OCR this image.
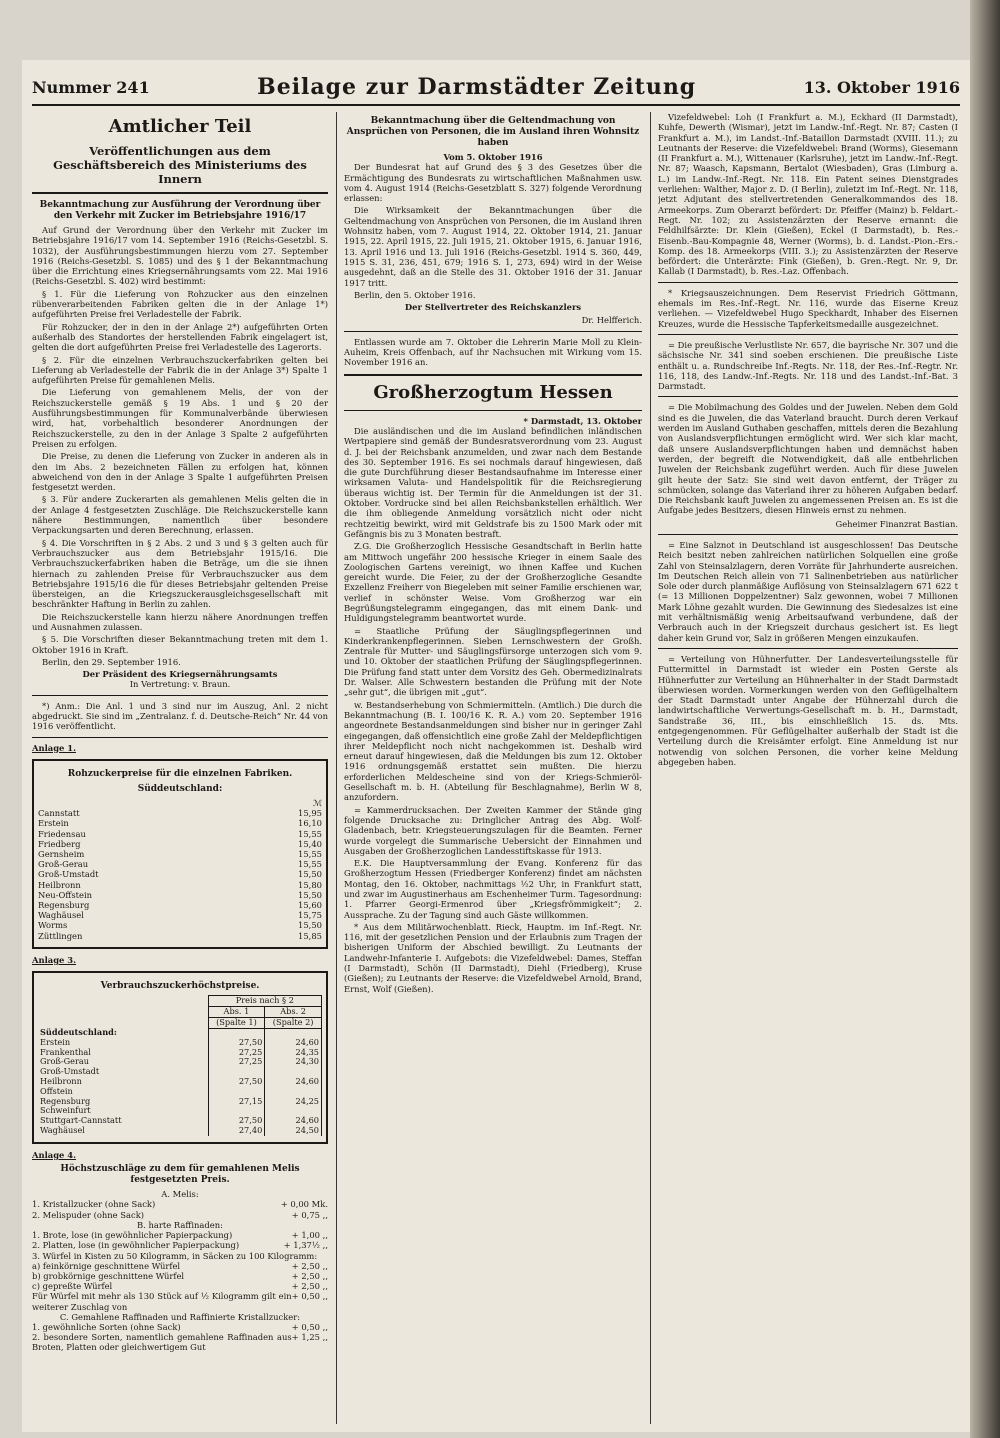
Nummer 241	Beilage zur Darmstädter Zeitung	13. Oktober 1916
Amtlicher Teil
Veröffentlichungen aus dem Geschäftsbereich des Ministeriums des Innern
Bekanntmachung zur Ausführung der Verordnung über den Verkehr mit Zucker im Betriebsjahre 1916/17

Auf Grund der Verordnung über den Verkehr mit Zucker im Betriebsjahre 1916/17 vom 14. September 1916 (Reichs-Gesetzbl. S. 1032), der Ausführungsbestimmungen hierzu vom 27. September 1916 (Reichs-Gesetzbl. S. 1085) und des § 1 der Bekanntmachung über die Errichtung eines Kriegsernährungsamts vom 22. Mai 1916 (Reichs-Gesetzbl. S. 402) wird bestimmt:

§ 1. Für die Lieferung von Rohzucker aus den einzelnen rübenverarbeitenden Fabriken gelten die in der Anlage 1*) aufgeführten Preise frei Verladestelle der Fabrik.

Für Rohzucker, der in den in der Anlage 2*) aufgeführten Orten außerhalb des Standortes der herstellenden Fabrik eingelagert ist, gelten die dort aufgeführten Preise frei Verladestelle des Lagerorts.

§ 2. Für die einzelnen Verbrauchszuckerfabriken gelten bei Lieferung ab Verladestelle der Fabrik die in der Anlage 3*) Spalte 1 aufgeführten Preise für gemahlenen Melis.

Die Lieferung von gemahlenem Melis, der von der Reichszuckerstelle gemäß § 19 Abs. 1 und § 20 der Ausführungsbestimmungen für Kommunalverbände überwiesen wird, hat, vorbehaltlich besonderer Anordnungen der Reichszuckerstelle, zu den in der Anlage 3 Spalte 2 aufgeführten Preisen zu erfolgen.

Die Preise, zu denen die Lieferung von Zucker in anderen als in den im Abs. 2 bezeichneten Fällen zu erfolgen hat, können abweichend von den in der Anlage 3 Spalte 1 aufgeführten Preisen festgesetzt werden.

§ 3. Für andere Zuckerarten als gemahlenen Melis gelten die in der Anlage 4 festgesetzten Zuschläge. Die Reichszuckerstelle kann nähere Bestimmungen, namentlich über besondere Verpackungsarten und deren Berechnung, erlassen.

§ 4. Die Vorschriften in § 2 Abs. 2 und 3 und § 3 gelten auch für Verbrauchszucker aus dem Betriebsjahr 1915/16. Die Verbrauchszuckerfabriken haben die Beträge, um die sie ihnen hiernach zu zahlenden Preise für Verbrauchszucker aus dem Betriebsjahre 1915/16 die für dieses Betriebsjahr geltenden Preise übersteigen, an die Kriegszuckerausgleichsgesellschaft mit beschränkter Haftung in Berlin zu zahlen.

Die Reichszuckerstelle kann hierzu nähere Anordnungen treffen und Ausnahmen zulassen.

§ 5. Die Vorschriften dieser Bekanntmachung treten mit dem 1. Oktober 1916 in Kraft.

Berlin, den 29. September 1916.

Der Präsident des Kriegsernährungsamts
In Vertretung: v. Braun.

*) Anm.: Die Anl. 1 und 3 sind nur im Auszug, Anl. 2 nicht abgedruckt. Sie sind im „Zentralanz. f. d. Deutsche-Reich“ Nr. 44 von 1916 veröffentlicht.

Anlage 1.
Rohzuckerpreise für die einzelnen Fabriken.
Süddeutschland:
ℳ
Cannstatt	15,95
Erstein	16,10
Friedensau	15,55
Friedberg	15,40
Gernsheim	15,55
Groß-Gerau	15,55
Groß-Umstadt	15,50
Heilbronn	15,80
Neu-Offstein	15,50
Regensburg	15,60
Waghäusel	15,75
Worms	15,50
Züttlingen	15,85
Anlage 3.
Verbrauchszuckerhöchstpreise.
	Preis nach § 2	
	Abs. 1	Abs. 2
	(Spalte 1)	(Spalte 2)
Süddeutschland:		
Erstein	27,50	24,60
Frankenthal	27,25	24,35
Groß-Gerau	27,25	24,30
Groß-Umstadt		
Heilbronn	27,50	24,60
Offstein		
Regensburg	27,15	24,25
Schweinfurt		
Stuttgart-Cannstatt	27,50	24,60
Waghäusel	27,40	24,50
Anlage 4.
Höchstzuschläge zu dem für gemahlenen Melis festgesetzten Preis.
A. Melis:
1. Kristallzucker (ohne Sack)	+ 0,00 Mk.
2. Melispuder (ohne Sack)	+ 0,75 ,,
B. harte Raffinaden:
1. Brote, lose (in gewöhnlicher Papierpackung)	+ 1,00 ,,
2. Platten, lose (in gewöhnlicher Papierpackung)	+ 1,37½ ,,
3. Würfel in Kisten zu 50 Kilogramm, in Säcken zu 100 Kilogramm:
a) feinkörnige geschnittene Würfel	+ 2,50 ,,
b) grobkörnige geschnittene Würfel	+ 2,50 ,,
c) gepreßte Würfel	+ 2,50 ,,
Für Würfel mit mehr als 130 Stück auf ½ Kilogramm gilt ein weiterer Zuschlag von
+ 0,50 ,,
C. Gemahlene Raffinaden und Raffinierte Kristallzucker:
1. gewöhnliche Sorten (ohne Sack)	+ 0,50 ,,
2. besondere Sorten, namentlich gemahlene Raffinaden aus Broten, Platten oder gleichwertigem Gut
+ 1,25 ,,
Bekanntmachung über die Geltendmachung von Ansprüchen von Personen, die im Ausland ihren Wohnsitz haben
Vom 5. Oktober 1916

Der Bundesrat hat auf Grund des § 3 des Gesetzes über die Ermächtigung des Bundesrats zu wirtschaftlichen Maßnahmen usw. vom 4. August 1914 (Reichs-Gesetzblatt S. 327) folgende Verordnung erlassen:

Die Wirksamkeit der Bekanntmachungen über die Geltendmachung von Ansprüchen von Personen, die im Ausland ihren Wohnsitz haben, vom 7. August 1914, 22. Oktober 1914, 21. Januar 1915, 22. April 1915, 22. Juli 1915, 21. Oktober 1915, 6. Januar 1916, 13. April 1916 und 13. Juli 1916 (Reichs-Gesetzbl. 1914 S. 360, 449, 1915 S. 31, 236, 451, 679; 1916 S. 1, 273, 694) wird in der Weise ausgedehnt, daß an die Stelle des 31. Oktober 1916 der 31. Januar 1917 tritt.

Berlin, den 5. Oktober 1916.

Der Stellvertreter des Reichskanzlers
Dr. Helfferich.

Entlassen wurde am 7. Oktober die Lehrerin Marie Moll zu Klein-Auheim, Kreis Offenbach, auf ihr Nachsuchen mit Wirkung vom 15. November 1916 an.

Großherzogtum Hessen
* Darmstadt, 13. Oktober

Die ausländischen und die im Ausland befindlichen inländischen Wertpapiere sind gemäß der Bundesratsverordnung vom 23. August d. J. bei der Reichsbank anzumelden, und zwar nach dem Bestande des 30. September 1916. Es sei nochmals darauf hingewiesen, daß die gute Durchführung dieser Bestandsaufnahme im Interesse einer wirksamen Valuta- und Handelspolitik für die Reichsregierung überaus wichtig ist. Der Termin für die Anmeldungen ist der 31. Oktober. Vordrucke sind bei allen Reichsbankstellen erhältlich. Wer die ihm obliegende Anmeldung vorsätzlich nicht oder nicht rechtzeitig bewirkt, wird mit Geldstrafe bis zu 1500 Mark oder mit Gefängnis bis zu 3 Monaten bestraft.

Z.G. Die Großherzoglich Hessische Gesandtschaft in Berlin hatte am Mittwoch ungefähr 200 hessische Krieger in einem Saale des Zoologischen Gartens vereinigt, wo ihnen Kaffee und Kuchen gereicht wurde. Die Feier, zu der der Großherzogliche Gesandte Exzellenz Freiherr von Biegeleben mit seiner Familie erschienen war, verlief in schönster Weise. Vom Großherzog war ein Begrüßungstelegramm eingegangen, das mit einem Dank- und Huldigungstelegramm beantwortet wurde.

= Staatliche Prüfung der Säuglingspflegerinnen und Kinderkrankenpflegerinnen. Sieben Lernschwestern der Großh. Zentrale für Mutter- und Säuglingsfürsorge unterzogen sich vom 9. und 10. Oktober der staatlichen Prüfung der Säuglingspflegerinnen. Die Prüfung fand statt unter dem Vorsitz des Geh. Obermedizinalrats Dr. Walser. Alle Schwestern bestanden die Prüfung mit der Note „sehr gut“, die übrigen mit „gut“.

w. Bestandserhebung von Schmiermitteln. (Amtlich.) Die durch die Bekanntmachung (B. I. 100/16 K. R. A.) vom 20. September 1916 angeordnete Bestandsanmeldungen sind bisher nur in geringer Zahl eingegangen, daß offensichtlich eine große Zahl der Meldepflichtigen ihrer Meldepflicht noch nicht nachgekommen ist. Deshalb wird erneut darauf hingewiesen, daß die Meldungen bis zum 12. Oktober 1916 ordnungsgemäß erstattet sein mußten. Die hierzu erforderlichen Meldescheine sind von der Kriegs-Schmieröl-Gesellschaft m. b. H. (Abteilung für Beschlagnahme), Berlin W 8, anzufordern.

= Kammerdrucksachen. Der Zweiten Kammer der Stände ging folgende Drucksache zu: Dringlicher Antrag des Abg. Wolf-Gladenbach, betr. Kriegsteuerungszulagen für die Beamten. Ferner wurde vorgelegt die Summarische Uebersicht der Einnahmen und Ausgaben der Großherzoglichen Landesstiftskasse für 1913.

E.K. Die Hauptversammlung der Evang. Konferenz für das Großherzogtum Hessen (Friedberger Konferenz) findet am nächsten Montag, den 16. Oktober, nachmittags ½2 Uhr, in Frankfurt statt, und zwar im Augustinerhaus am Eschenheimer Turm. Tagesordnung: 1. Pfarrer Georgi-Ermenrod über „Kriegsfrömmigkeit“; 2. Aussprache. Zu der Tagung sind auch Gäste willkommen.

* Aus dem Militärwochenblatt. Rieck, Hauptm. im Inf.-Regt. Nr. 116, mit der gesetzlichen Pension und der Erlaubnis zum Tragen der bisherigen Uniform der Abschied bewilligt. Zu Leutnants der Landwehr-Infanterie I. Aufgebots: die Vizefeldwebel: Dames, Steffan (I Darmstadt), Schön (II Darmstadt), Diehl (Friedberg), Kruse (Gießen); zu Leutnants der Reserve: die Vizefeldwebel Arnold, Brand, Ernst, Wolf (Gießen).

Vizefeldwebel: Loh (I Frankfurt a. M.), Eckhard (II Darmstadt), Kuhfe, Dewerth (Wismar), jetzt im Landw.-Inf.-Regt. Nr. 87; Casten (I Frankfurt a. M.), im Landst.-Inf.-Bataillon Darmstadt (XVIII. 11.); zu Leutnants der Reserve: die Vizefeldwebel: Brand (Worms), Giesemann (II Frankfurt a. M.), Wittenauer (Karlsruhe), jetzt im Landw.-Inf.-Regt. Nr. 87; Waasch, Kapsmann, Bertalot (Wiesbaden), Gras (Limburg a. L.) im Landw.-Inf.-Regt. Nr. 118. Ein Patent seines Dienstgrades verliehen: Walther, Major z. D. (I Berlin), zuletzt im Inf.-Regt. Nr. 118, jetzt Adjutant des stellvertretenden Generalkommandos des 18. Armeekorps. Zum Oberarzt befördert: Dr. Pfeiffer (Mainz) b. Feldart.-Regt. Nr. 102; zu Assistenzärzten der Reserve ernannt: die Feldhilfsärzte: Dr. Klein (Gießen), Eckel (I Darmstadt), b. Res.-Eisenb.-Bau-Kompagnie 48, Werner (Worms), b. d. Landst.-Pion.-Ers.-Komp. des 18. Armeekorps (VIII. 3.); zu Assistenzärzten der Reserve befördert: die Unterärzte: Fink (Gießen), b. Gren.-Regt. Nr. 9, Dr. Kallab (I Darmstadt), b. Res.-Laz. Offenbach.

* Kriegsauszeichnungen. Dem Reservist Friedrich Göttmann, ehemals im Res.-Inf.-Regt. Nr. 116, wurde das Eiserne Kreuz verliehen. — Vizefeldwebel Hugo Speckhardt, Inhaber des Eisernen Kreuzes, wurde die Hessische Tapferkeitsmedaille ausgezeichnet.

= Die preußische Verlustliste Nr. 657, die bayrische Nr. 307 und die sächsische Nr. 341 sind soeben erschienen. Die preußische Liste enthält u. a. Rundschreibe Inf.-Regts. Nr. 118, der Res.-Inf.-Regtr. Nr. 116, 118, des Landw.-Inf.-Regts. Nr. 118 und des Landst.-Inf.-Bat. 3 Darmstadt.

= Die Mobilmachung des Goldes und der Juwelen. Neben dem Gold sind es die Juwelen, die das Vaterland braucht. Durch deren Verkauf werden im Ausland Guthaben geschaffen, mittels deren die Bezahlung von Auslandsverpflichtungen ermöglicht wird. Wer sich klar macht, daß unsere Auslandsverpflichtungen haben und demnächst haben werden, der begreift die Notwendigkeit, daß alle entbehrlichen Juwelen der Reichsbank zugeführt werden. Auch für diese Juwelen gilt heute der Satz: Sie sind weit davon entfernt, der Träger zu schmücken, solange das Vaterland ihrer zu höheren Aufgaben bedarf. Die Reichsbank kauft Juwelen zu angemessenen Preisen an. Es ist die Aufgabe jedes Besitzers, diesen Hinweis ernst zu nehmen.

Geheimer Finanzrat Bastian.

= Eine Salznot in Deutschland ist ausgeschlossen! Das Deutsche Reich besitzt neben zahlreichen natürlichen Solquellen eine große Zahl von Steinsalzlagern, deren Vorräte für Jahrhunderte ausreichen. Im Deutschen Reich allein von 71 Salinenbetrieben aus natürlicher Sole oder durch planmäßige Auflösung von Steinsalzlagern 671 622 t (= 13 Millionen Doppelzentner) Salz gewonnen, wobei 7 Millionen Mark Löhne gezahlt wurden. Die Gewinnung des Siedesalzes ist eine mit verhältnismäßig wenig Arbeitsaufwand verbundene, daß der Verbrauch auch in der Kriegszeit durchaus gesichert ist. Es liegt daher kein Grund vor, Salz in größeren Mengen einzukaufen.

= Verteilung von Hühnerfutter. Der Landesverteilungsstelle für Futtermittel in Darmstadt ist wieder ein Posten Gerste als Hühnerfutter zur Verteilung an Hühnerhalter in der Stadt Darmstadt überwiesen worden. Vormerkungen werden von den Geflügelhaltern der Stadt Darmstadt unter Angabe der Hühnerzahl durch die landwirtschaftliche Verwertungs-Gesellschaft m. b. H., Darmstadt, Sandstraße 36, III., bis einschließlich 15. ds. Mts. entgegengenommen. Für Geflügelhalter außerhalb der Stadt ist die Verteilung durch die Kreisämter erfolgt. Eine Anmeldung ist nur notwendig von solchen Personen, die vorher keine Meldung abgegeben haben.
